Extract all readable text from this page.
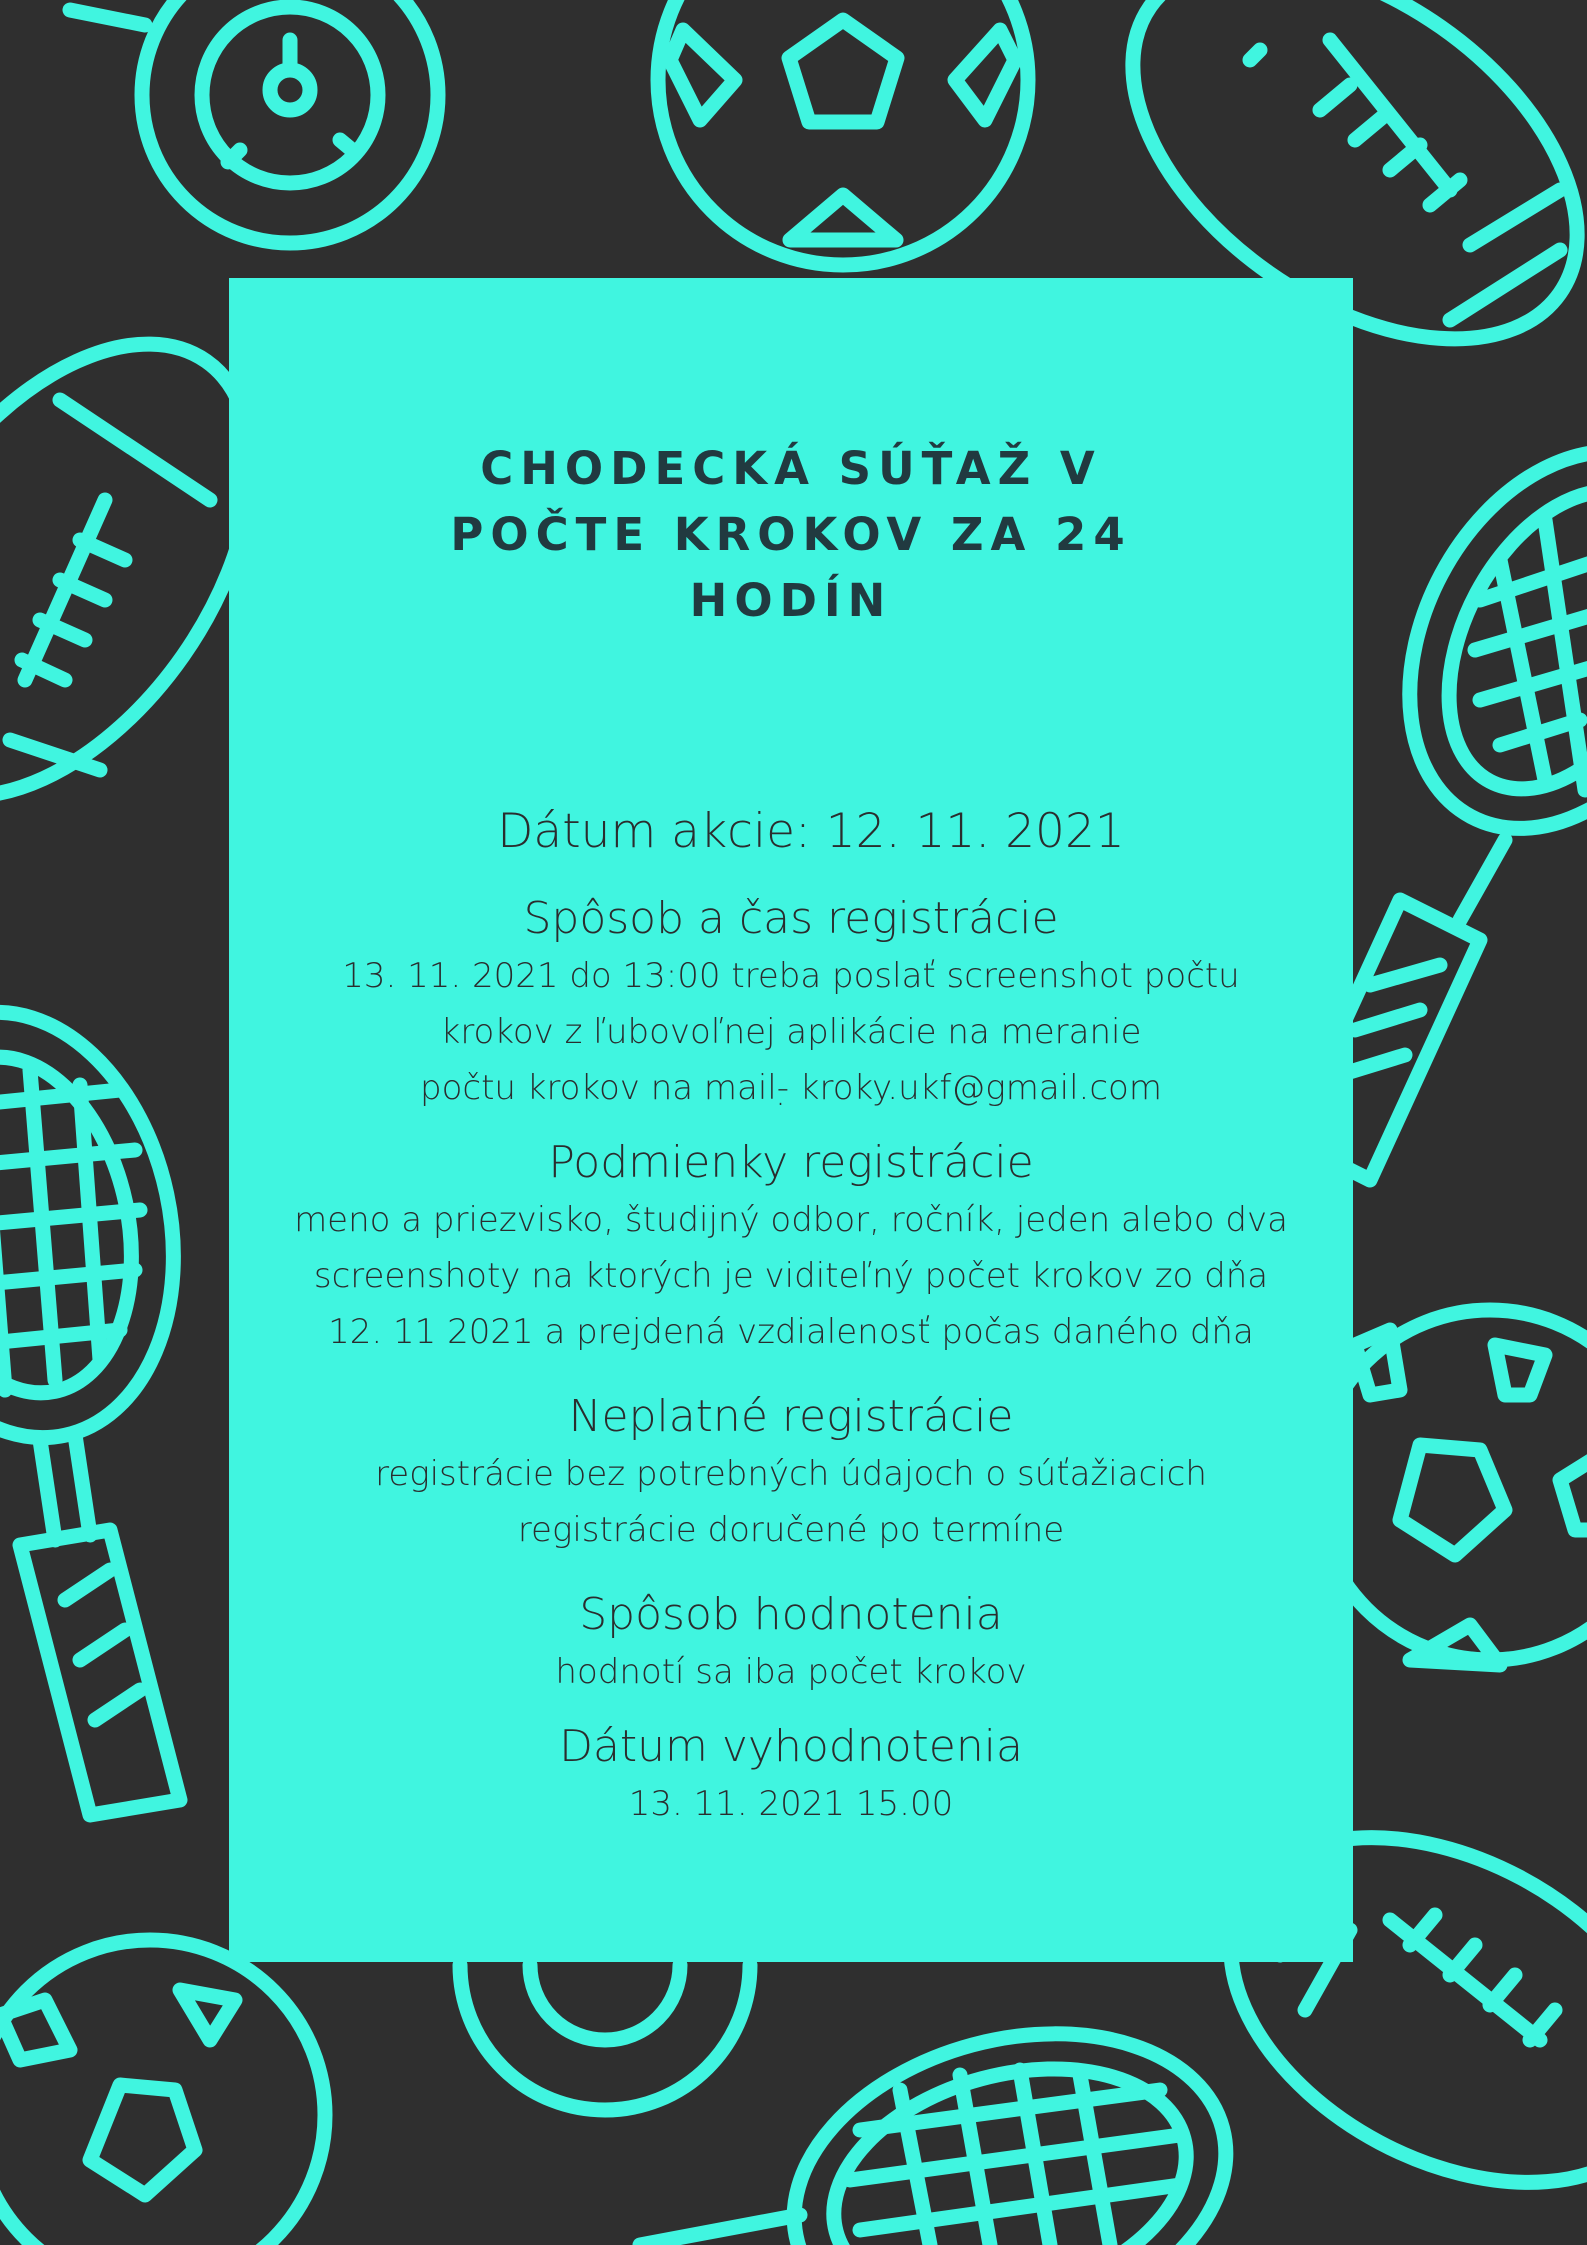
CHODECKÁ SÚŤAŽ V
POČTE KROKOV ZA 24
HODÍN
Dátum akcie: 12. 11. 2021
Spôsob a čas registrácie
13. 11. 2021 do 13:00 treba poslať screenshot počtu
krokov z ľubovoľnej aplikácie na meranie
počtu krokov na mail-̣ kroky.ukf@gmail.com
Podmienky registrácie
meno a priezvisko, študijný odbor, ročník, jeden alebo dva
screenshoty na ktorých je viditeľný počet krokov zo dňa
12. 11 2021 a prejdená vzdialenosť počas daného dňa
Neplatné registrácie
registrácie bez potrebných údajoch o súťažiacich
registrácie doručené po termíne
Spôsob hodnotenia
hodnotí sa iba počet krokov
Dátum vyhodnotenia
13. 11. 2021 15.00
